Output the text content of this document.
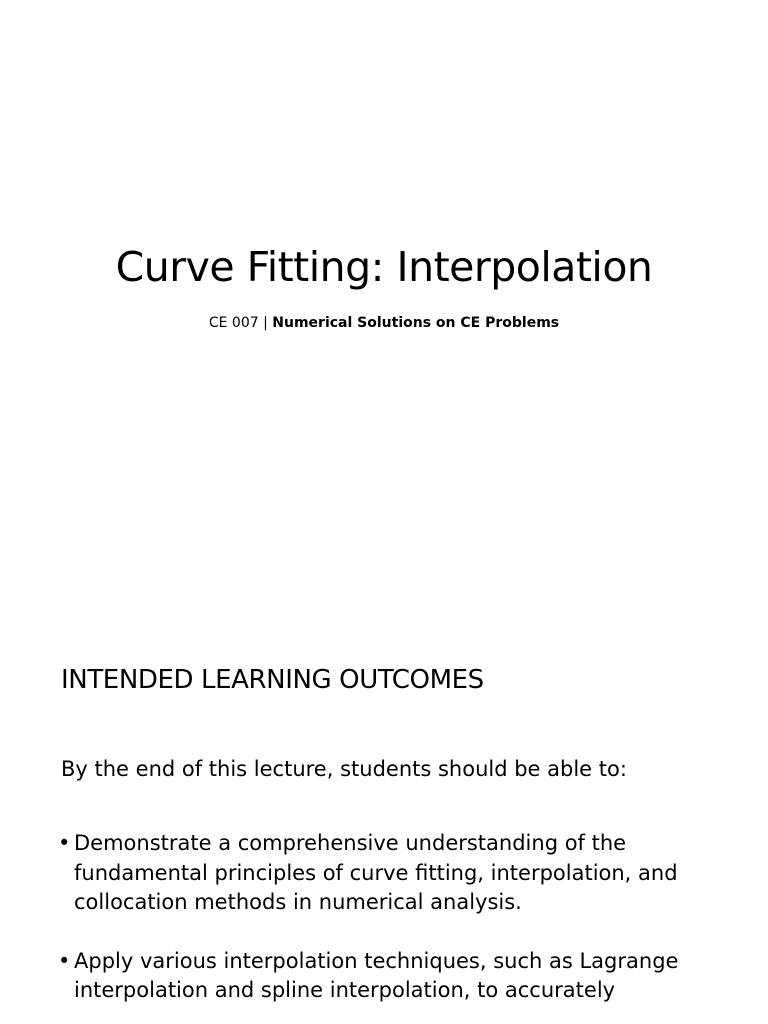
Curve Fitting: Interpolation

CE 007 | Numerical Solutions on CE Problems

INTENDED LEARNING OUTCOMES

By the end of this lecture, students should be able to:

• Demonstrate a comprehensive understanding of the fundamental principles of curve fitting, interpolation, and collocation methods in numerical analysis.
• Apply various interpolation techniques, such as Lagrange interpolation and spline interpolation, to accurately
